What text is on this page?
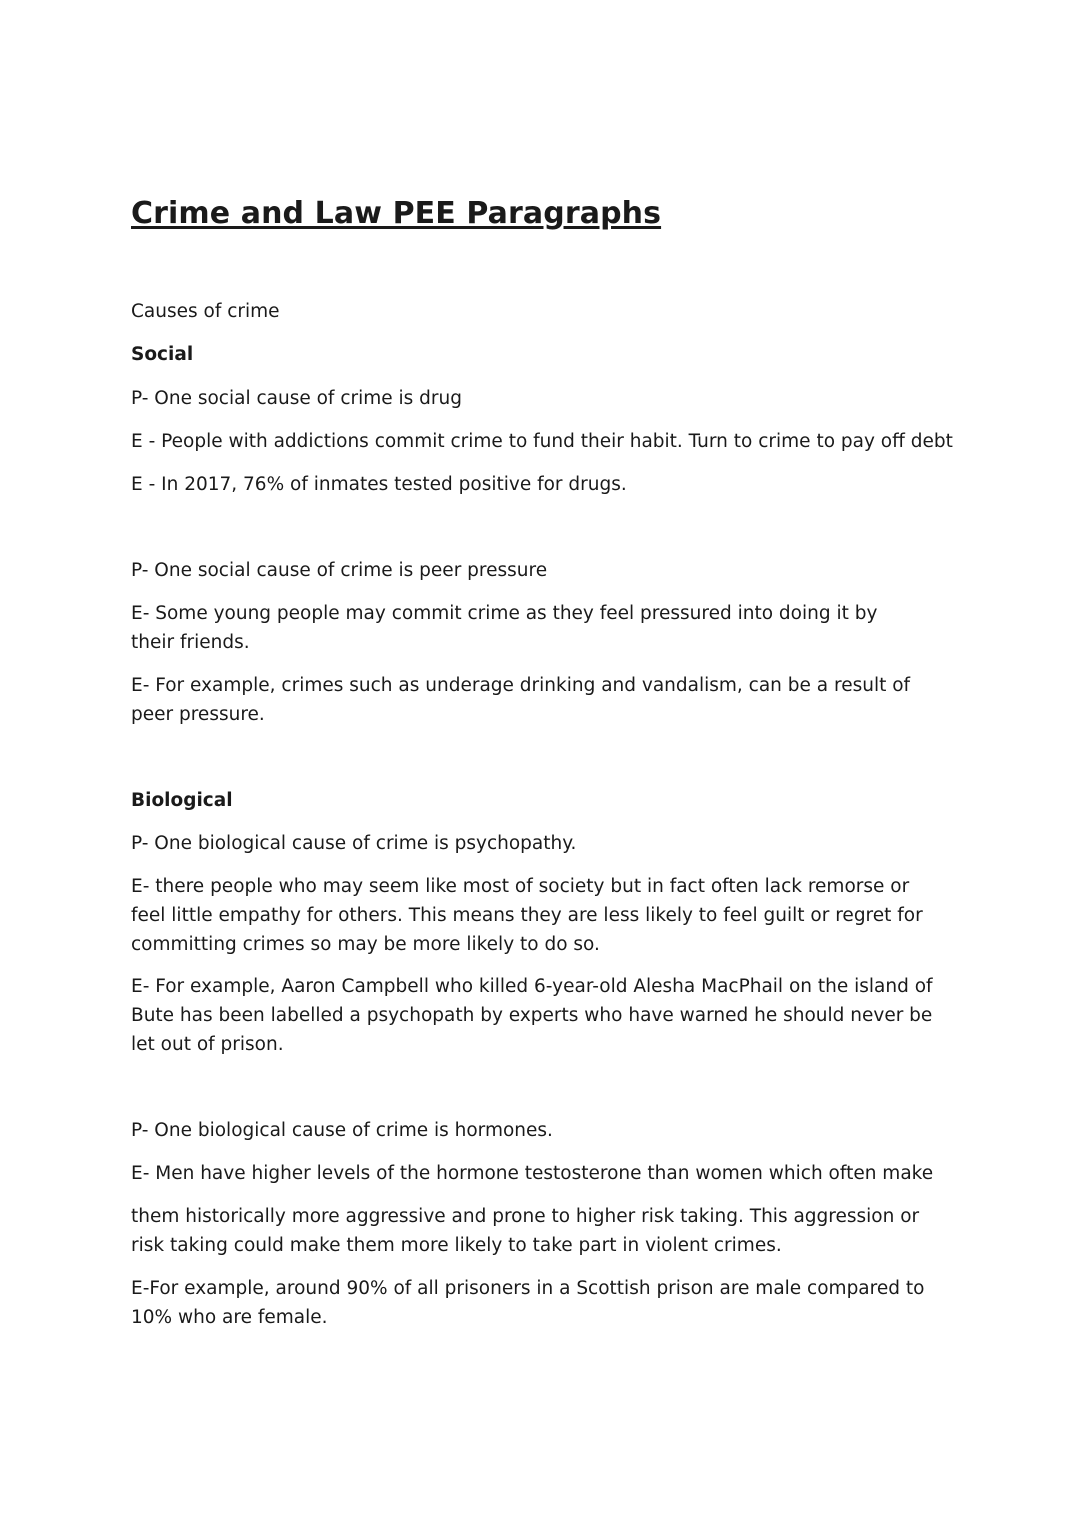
Crime and Law PEE Paragraphs

Causes of crime

Social

P- One social cause of crime is drug

E - People with addictions commit crime to fund their habit. Turn to crime to pay off debt

E - In 2017, 76% of inmates tested positive for drugs.

P- One social cause of crime is peer pressure

E- Some young people may commit crime as they feel pressured into doing it by their friends.

E- For example, crimes such as underage drinking and vandalism, can be a result of peer pressure.

Biological

P- One biological cause of crime is psychopathy.

E- there people who may seem like most of society but in fact often lack remorse or feel little empathy for others. This means they are less likely to feel guilt or regret for committing crimes so may be more likely to do so.

E- For example, Aaron Campbell who killed 6-year-old Alesha MacPhail on the island of Bute has been labelled a psychopath by experts who have warned he should never be let out of prison.

P- One biological cause of crime is hormones.

E- Men have higher levels of the hormone testosterone than women which often make

them historically more aggressive and prone to higher risk taking. This aggression or risk taking could make them more likely to take part in violent crimes.

E-For example, around 90% of all prisoners in a Scottish prison are male compared to 10% who are female.
